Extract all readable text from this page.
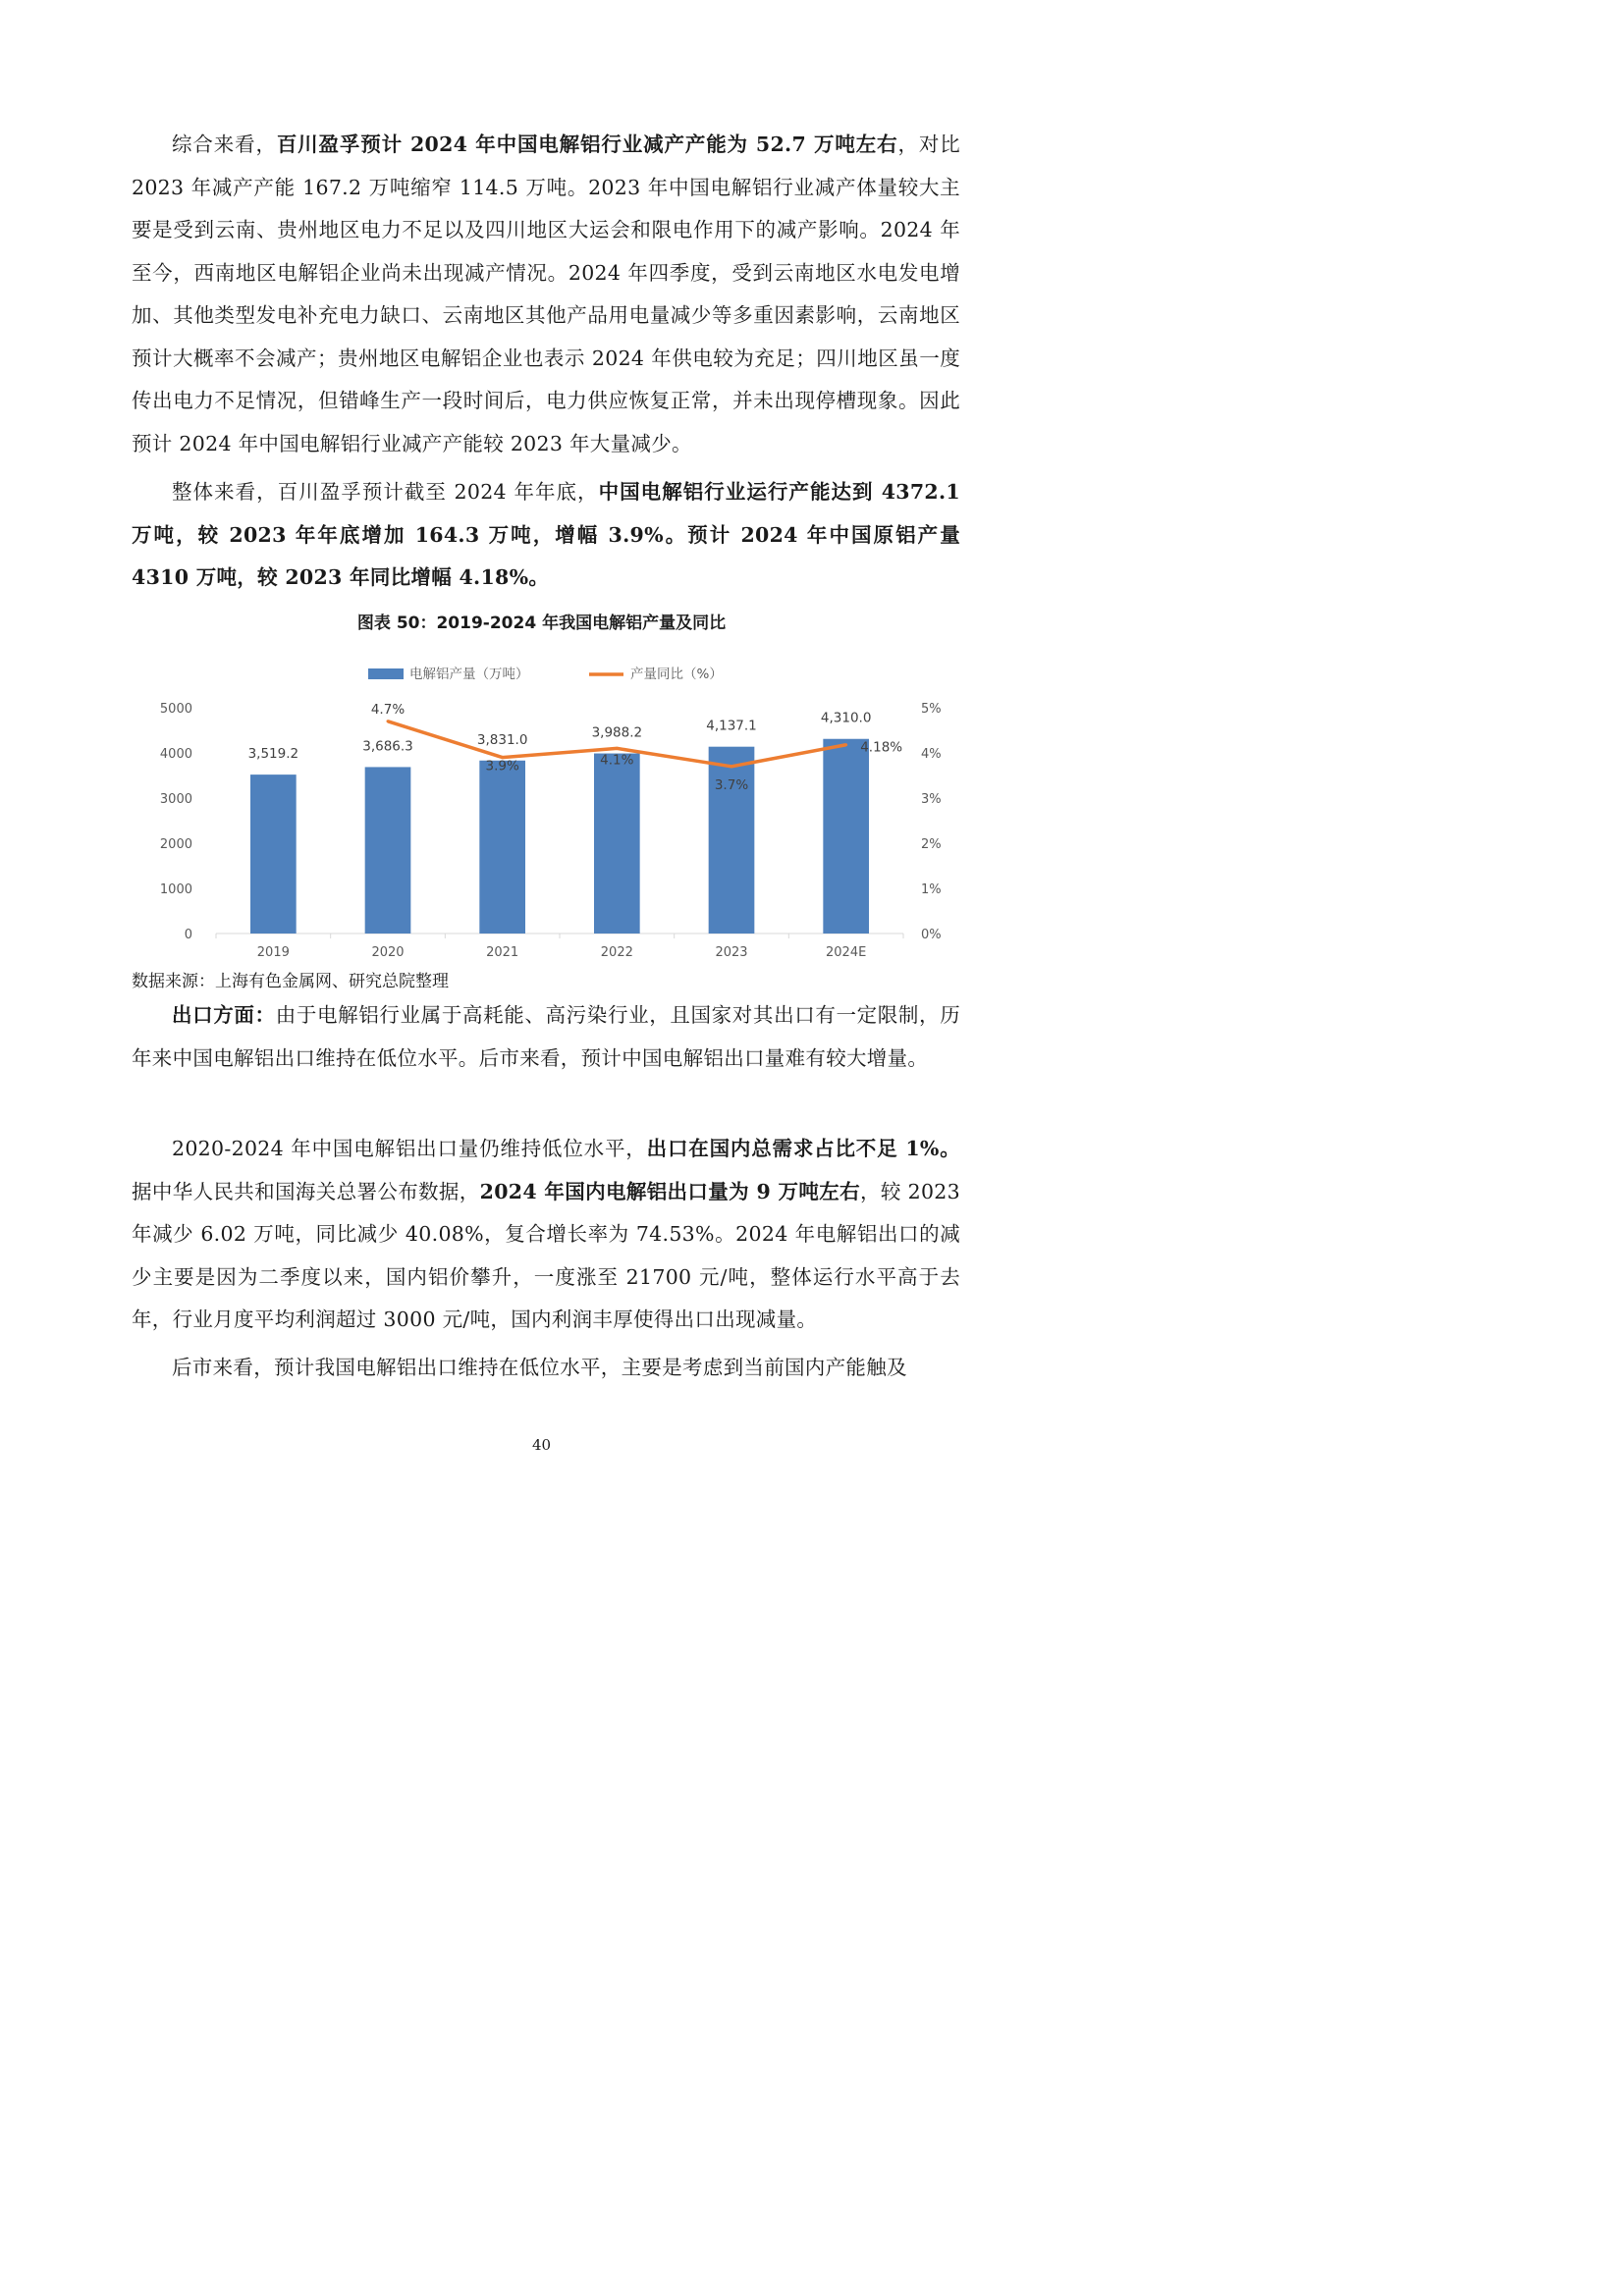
综合来看，百川盈孚预计 2024 年中国电解铝行业减产产能为 52.7 万吨左右，对比 2023 年减产产能 167.2 万吨缩窄 114.5 万吨。2023 年中国电解铝行业减产体量较大主要是受到云南、贵州地区电力不足以及四川地区大运会和限电作用下的减产影响。2024 年至今，西南地区电解铝企业尚未出现减产情况。2024 年四季度，受到云南地区水电发电增加、其他类型发电补充电力缺口、云南地区其他产品用电量减少等多重因素影响，云南地区预计大概率不会减产；贵州地区电解铝企业也表示 2024 年供电较为充足；四川地区虽一度传出电力不足情况，但错峰生产一段时间后，电力供应恢复正常，并未出现停槽现象。因此预计 2024 年中国电解铝行业减产产能较 2023 年大量减少。

整体来看，百川盈孚预计截至 2024 年年底，中国电解铝行业运行产能达到 4372.1 万吨，较 2023 年年底增加 164.3 万吨，增幅 3.9%。预计 2024 年中国原铝产量 4310 万吨，较 2023 年同比增幅 4.18%。

图表 50：2019-2024 年我国电解铝产量及同比
电解铝产量（万吨）	产量同比（%）
0
1000
2000
3000
4000
5000
0%
1%
2%
3%
4%
5%
3,519.2
2019
3,686.3
2020
3,831.0
2021
3,988.2
2022
4,137.1
2023
4,310.0
2024E
4.7%
3.9%	4.1%
3.7%
4.18%
数据来源：上海有色金属网、研究总院整理

出口方面：由于电解铝行业属于高耗能、高污染行业，且国家对其出口有一定限制，历年来中国电解铝出口维持在低位水平。后市来看，预计中国电解铝出口量难有较大增量。

2020-2024 年中国电解铝出口量仍维持低位水平，出口在国内总需求占比不足 1%。据中华人民共和国海关总署公布数据，2024 年国内电解铝出口量为 9 万吨左右，较 2023 年减少 6.02 万吨，同比减少 40.08%，复合增长率为 74.53%。2024 年电解铝出口的减少主要是因为二季度以来，国内铝价攀升，一度涨至 21700 元/吨，整体运行水平高于去年，行业月度平均利润超过 3000 元/吨，国内利润丰厚使得出口出现减量。

后市来看，预计我国电解铝出口维持在低位水平，主要是考虑到当前国内产能触及

40
